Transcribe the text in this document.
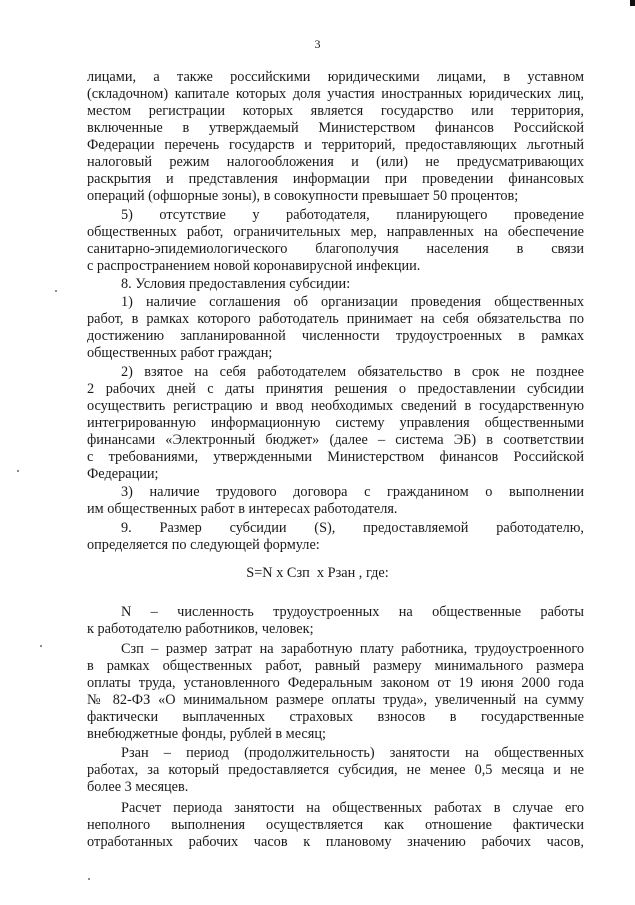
3
лицами, а также российскими юридическими лицами, в уставном
(складочном) капитале которых доля участия иностранных юридических лиц,
местом регистрации которых является государство или территория,
включенные в утверждаемый Министерством финансов Российской
Федерации перечень государств и территорий, предоставляющих льготный
налоговый режим налогообложения и (или) не предусматривающих
раскрытия и представления информации при проведении финансовых
операций (офшорные зоны), в совокупности превышает 50 процентов;
5) отсутствие у работодателя, планирующего проведение
общественных работ, ограничительных мер, направленных на обеспечение
санитарно-эпидемиологического благополучия населения в связи
с распространением новой коронавирусной инфекции.
8. Условия предоставления субсидии:
1) наличие соглашения об организации проведения общественных
работ, в рамках которого работодатель принимает на себя обязательства по
достижению запланированной численности трудоустроенных в рамках
общественных работ граждан;
2) взятое на себя работодателем обязательство в срок не позднее
2 рабочих дней с даты принятия решения о предоставлении субсидии
осуществить регистрацию и ввод необходимых сведений в государственную
интегрированную информационную систему управления общественными
финансами «Электронный бюджет» (далее – система ЭБ) в соответствии
с требованиями, утвержденными Министерством финансов Российской
Федерации;
3) наличие трудового договора с гражданином о выполнении
им общественных работ в интересах работодателя.
9. Размер субсидии (S), предоставляемой работодателю,
определяется по следующей формуле:
S=N x Сзп  x Рзан , где:
N – численность трудоустроенных на общественные работы
к работодателю работников, человек;
Сзп – размер затрат на заработную плату работника, трудоустроенного
в рамках общественных работ, равный размеру минимального размера
оплаты труда, установленного Федеральным законом от 19 июня 2000 года
№ 82-ФЗ «О минимальном размере оплаты труда», увеличенный на сумму
фактически выплаченных страховых взносов в государственные
внебюджетные фонды, рублей в месяц;
Рзан – период (продолжительность) занятости на общественных
работах, за который предоставляется субсидия, не менее 0,5 месяца и не
более 3 месяцев.
Расчет периода занятости на общественных работах в случае его
неполного выполнения осуществляется как отношение фактически
отработанных рабочих часов к плановому значению рабочих часов,
